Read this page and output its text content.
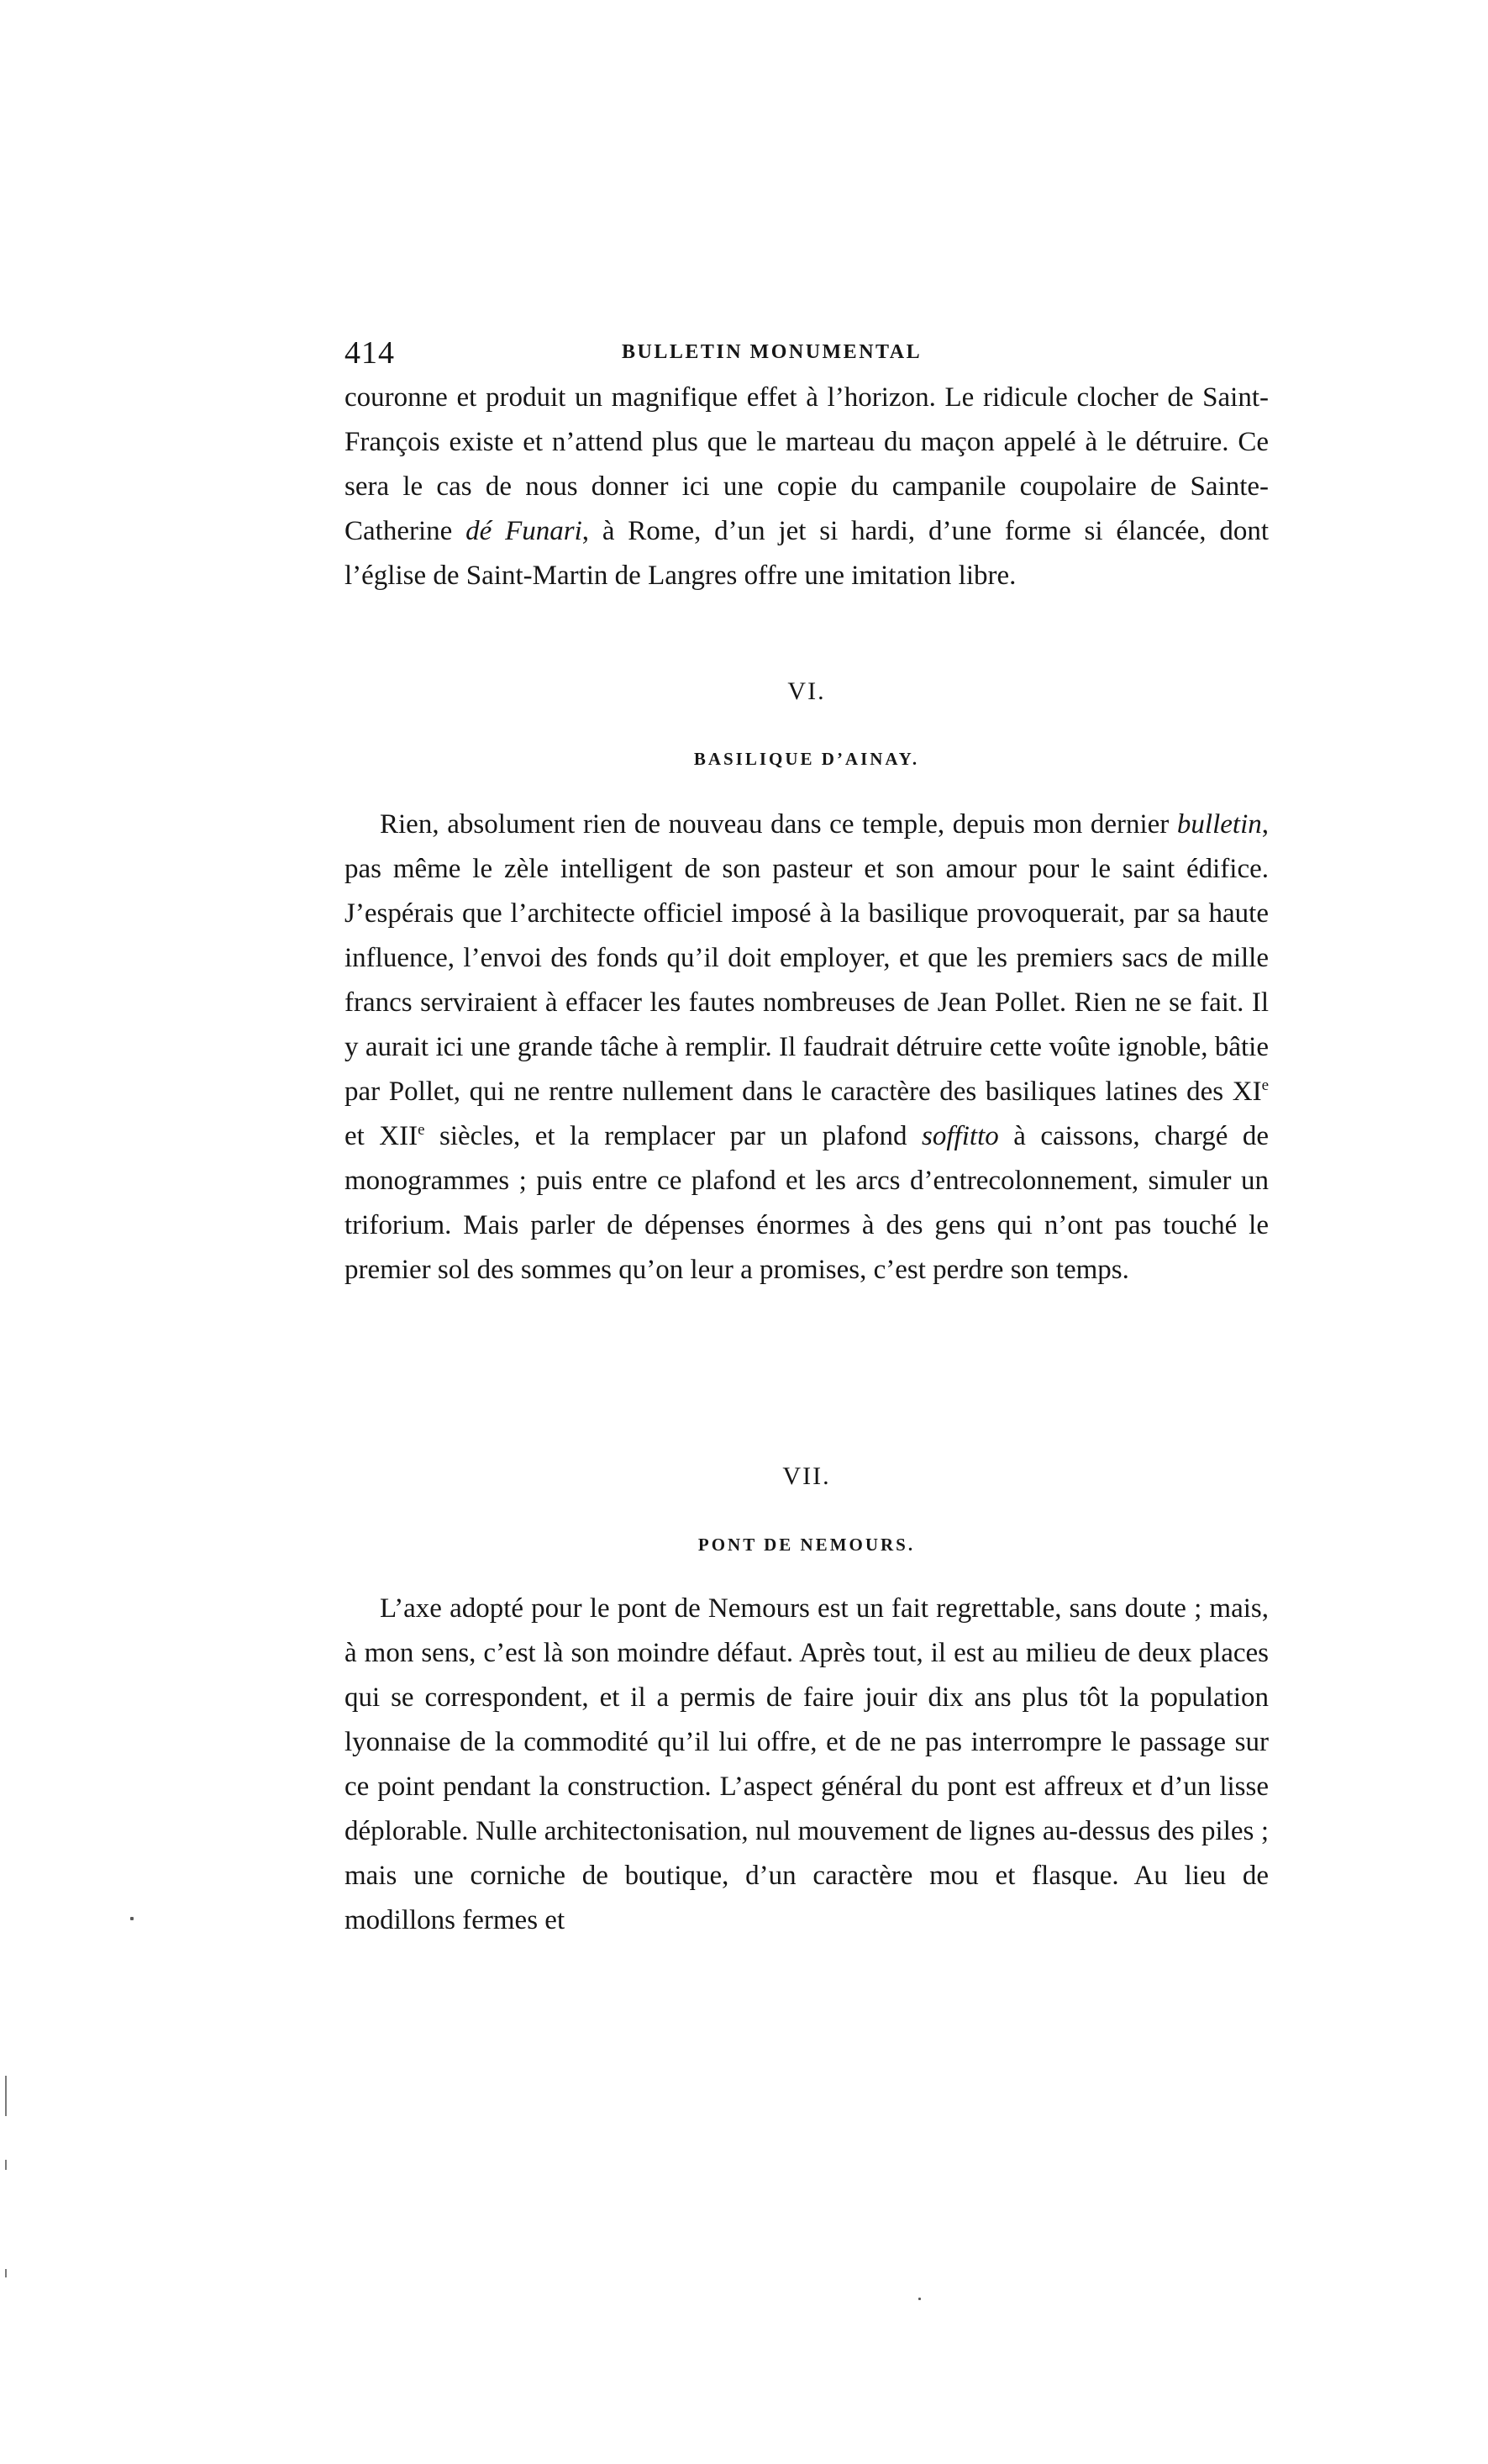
414	BULLETIN MONUMENTAL

couronne et produit un magnifique effet à l’horizon. Le ridicule clocher de Saint-François existe et n’attend plus que le marteau du maçon appelé à le détruire. Ce sera le cas de nous donner ici une copie du campanile coupolaire de Sainte-Catherine dé Funari, à Rome, d’un jet si hardi, d’une forme si élancée, dont l’église de Saint-Martin de Langres offre une imitation libre.

VI.
BASILIQUE D’AINAY.

Rien, absolument rien de nouveau dans ce temple, depuis mon dernier bulletin, pas même le zèle intelligent de son pasteur et son amour pour le saint édifice. J’espérais que l’architecte officiel imposé à la basilique provoquerait, par sa haute influence, l’envoi des fonds qu’il doit employer, et que les premiers sacs de mille francs serviraient à effacer les fautes nombreuses de Jean Pollet. Rien ne se fait. Il y aurait ici une grande tâche à remplir. Il faudrait détruire cette voûte ignoble, bâtie par Pollet, qui ne rentre nullement dans le caractère des basiliques latines des XIe et XIIe siècles, et la remplacer par un plafond soffitto à caissons, chargé de monogrammes ; puis entre ce plafond et les arcs d’entrecolonnement, simuler un triforium. Mais parler de dépenses énormes à des gens qui n’ont pas touché le premier sol des sommes qu’on leur a promises, c’est perdre son temps.

VII.
PONT DE NEMOURS.

L’axe adopté pour le pont de Nemours est un fait regrettable, sans doute ; mais, à mon sens, c’est là son moindre défaut. Après tout, il est au milieu de deux places qui se correspondent, et il a permis de faire jouir dix ans plus tôt la population lyonnaise de la commodité qu’il lui offre, et de ne pas interrompre le passage sur ce point pendant la construction. L’aspect général du pont est affreux et d’un lisse déplorable. Nulle architectonisation, nul mouvement de lignes au-dessus des piles ; mais une corniche de boutique, d’un caractère mou et flasque. Au lieu de modillons fermes et
